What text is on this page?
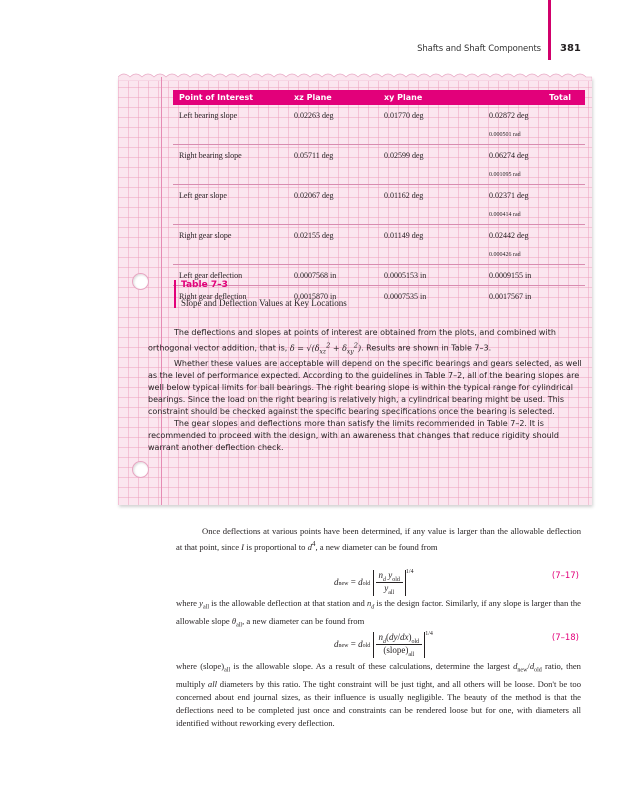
Shafts and Shaft Components 381
Point of Interest	xz Plane	xy Plane	Total
Left bearing slope	0.02263 deg	0.01770 deg	0.02872 deg
			0.000501 rad
Right bearing slope	0.05711 deg	0.02599 deg	0.06274 deg
			0.001095 rad
Left gear slope	0.02067 deg	0.01162 deg	0.02371 deg
			0.000414 rad
Right gear slope	0.02155 deg	0.01149 deg	0.02442 deg
			0.000426 rad
Left gear deflection	0.0007568 in	0.0005153 in	0.0009155 in
Right gear deflection	0.0015870 in	0.0007535 in	0.0017567 in
Table 7–3
Slope and Deflection Values at Key Locations

The deflections and slopes at points of interest are obtained from the plots, and combined with orthogonal vector addition, that is, $\delta = √(\delta_{xz}^2 + \delta_{xy}^2)$. Results are shown in Table 7–3.

Whether these values are acceptable will depend on the specific bearings and gears selected, as well as the level of performance expected. According to the guidelines in Table 7–2, all of the bearing slopes are well below typical limits for ball bearings. The right bearing slope is within the typical range for cylindrical bearings. Since the load on the right bearing is relatively high, a cylindrical bearing might be used. This constraint should be checked against the specific bearing specifications once the bearing is selected.

The gear slopes and deflections more than satisfy the limits recommended in Table 7–2. It is recommended to proceed with the design, with an awareness that changes that reduce rigidity should warrant another deflection check.

Once deflections at various points have been determined, if any value is larger than the allowable deflection at that point, since I is proportional to $d^4$, a new diameter can be found from

dnew = dold $\frac{n_d y_{old}}{y_{all}} ^{1/4}$	(7–17)

where $y_{all}$ is the allowable deflection at that station and $n_d$ is the design factor. Similarly, if any slope is larger than the allowable slope $\theta_{all}$, a new diameter can be found from

dnew = dold $\frac{n_d(dy/dx)_{old}}{(slope)_{all}} ^{1/4}$	(7–18)

where $(slope)_{all}$ is the allowable slope. As a result of these calculations, determine the largest $d_{new}/d_{old}$ ratio, then multiply all diameters by this ratio. The tight constraint will be just tight, and all others will be loose. Don't be too concerned about end journal sizes, as their influence is usually negligible. The beauty of the method is that the deflections need to be completed just once and constraints can be rendered loose but for one, with diameters all identified without reworking every deflection.
